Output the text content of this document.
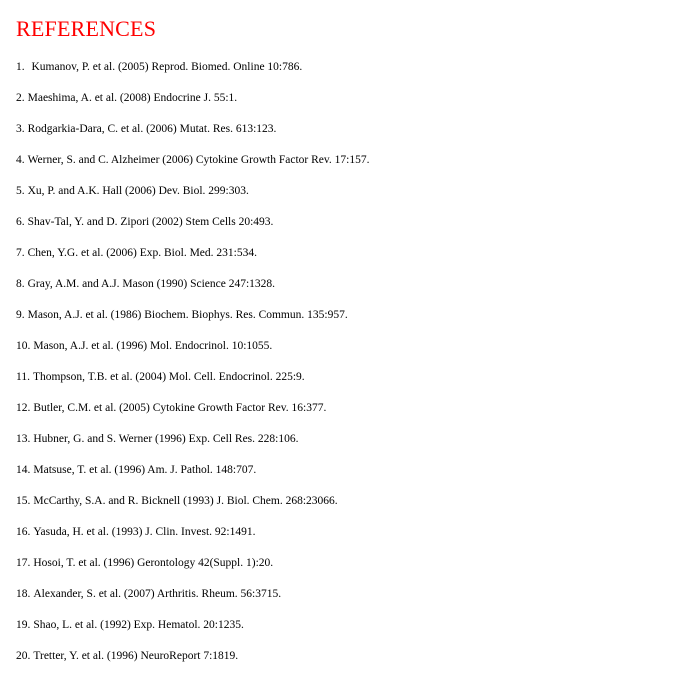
REFERENCES
1. Kumanov, P. et al. (2005) Reprod. Biomed. Online 10:786.
2. Maeshima, A. et al. (2008) Endocrine J. 55:1.
3. Rodgarkia-Dara, C. et al. (2006) Mutat. Res. 613:123.
4. Werner, S. and C. Alzheimer (2006) Cytokine Growth Factor Rev. 17:157.
5. Xu, P. and A.K. Hall (2006) Dev. Biol. 299:303.
6. Shav-Tal, Y. and D. Zipori (2002) Stem Cells 20:493.
7. Chen, Y.G. et al. (2006) Exp. Biol. Med. 231:534.
8. Gray, A.M. and A.J. Mason (1990) Science 247:1328.
9. Mason, A.J. et al. (1986) Biochem. Biophys. Res. Commun. 135:957.
10. Mason, A.J. et al. (1996) Mol. Endocrinol. 10:1055.
11. Thompson, T.B. et al. (2004) Mol. Cell. Endocrinol. 225:9.
12. Butler, C.M. et al. (2005) Cytokine Growth Factor Rev. 16:377.
13. Hubner, G. and S. Werner (1996) Exp. Cell Res. 228:106.
14. Matsuse, T. et al. (1996) Am. J. Pathol. 148:707.
15. McCarthy, S.A. and R. Bicknell (1993) J. Biol. Chem. 268:23066.
16. Yasuda, H. et al. (1993) J. Clin. Invest. 92:1491.
17. Hosoi, T. et al. (1996) Gerontology 42(Suppl. 1):20.
18. Alexander, S. et al. (2007) Arthritis. Rheum. 56:3715.
19. Shao, L. et al. (1992) Exp. Hematol. 20:1235.
20. Tretter, Y. et al. (1996) NeuroReport 7:1819.
